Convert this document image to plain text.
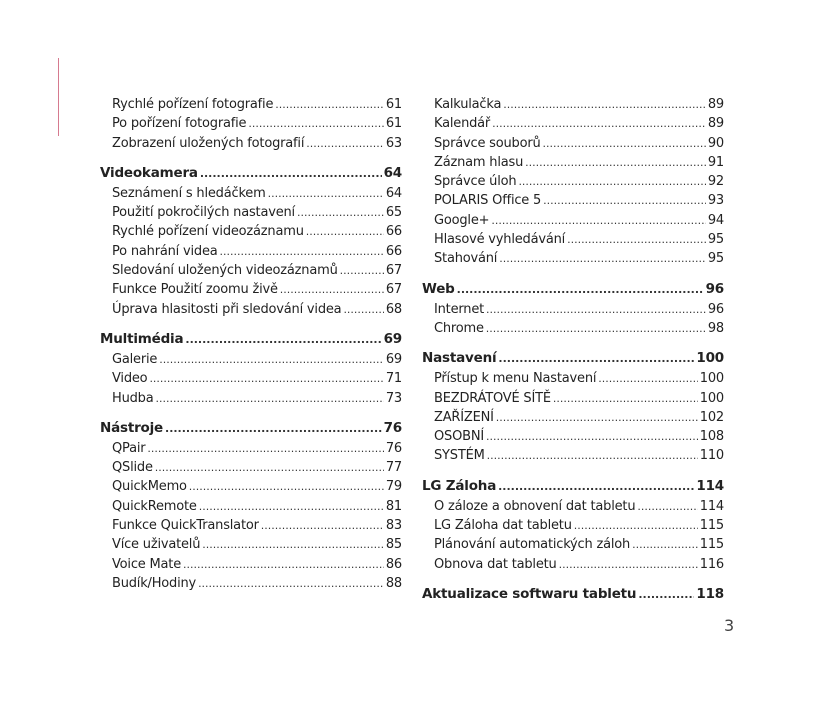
Rychlé pořízení fotografie .....	61
Po pořízení fotografie .....	61
Zobrazení uložených fotografií .....	63
Videokamera .....	64
Seznámení s hledáčkem .....	64
Použití pokročilých nastavení .....	65
Rychlé pořízení videozáznamu .....	66
Po nahrání videa .....	66
Sledování uložených videozáznamů .....	67
Funkce Použití zoomu živě .....	67
Úprava hlasitosti při sledování videa .....	68
Multimédia .....	69
Galerie .....	69
Video .....	71
Hudba .....	73
Nástroje .....	76
QPair .....	76
QSlide .....	77
QuickMemo .....	79
QuickRemote .....	81
Funkce QuickTranslator .....	83
Více uživatelů .....	85
Voice Mate .....	86
Budík/Hodiny .....	88
Kalkulačka .....	89
Kalendář .....	89
Správce souborů .....	90
Záznam hlasu .....	91
Správce úloh .....	92
POLARIS Office 5 .....	93
Google+ .....	94
Hlasové vyhledávání .....	95
Stahování .....	95
Web .....	96
Internet .....	96
Chrome .....	98
Nastavení .....	100
Přístup k menu Nastavení .....	100
BEZDRÁTOVÉ SÍTĚ .....	100
ZAŘÍZENÍ .....	102
OSOBNÍ .....	108
SYSTÉM .....	110
LG Záloha .....	114
O záloze a obnovení dat tabletu .....	114
LG Záloha dat tabletu .....	115
Plánování automatických záloh .....	115
Obnova dat tabletu .....	116
Aktualizace softwaru tabletu .....	118
3
